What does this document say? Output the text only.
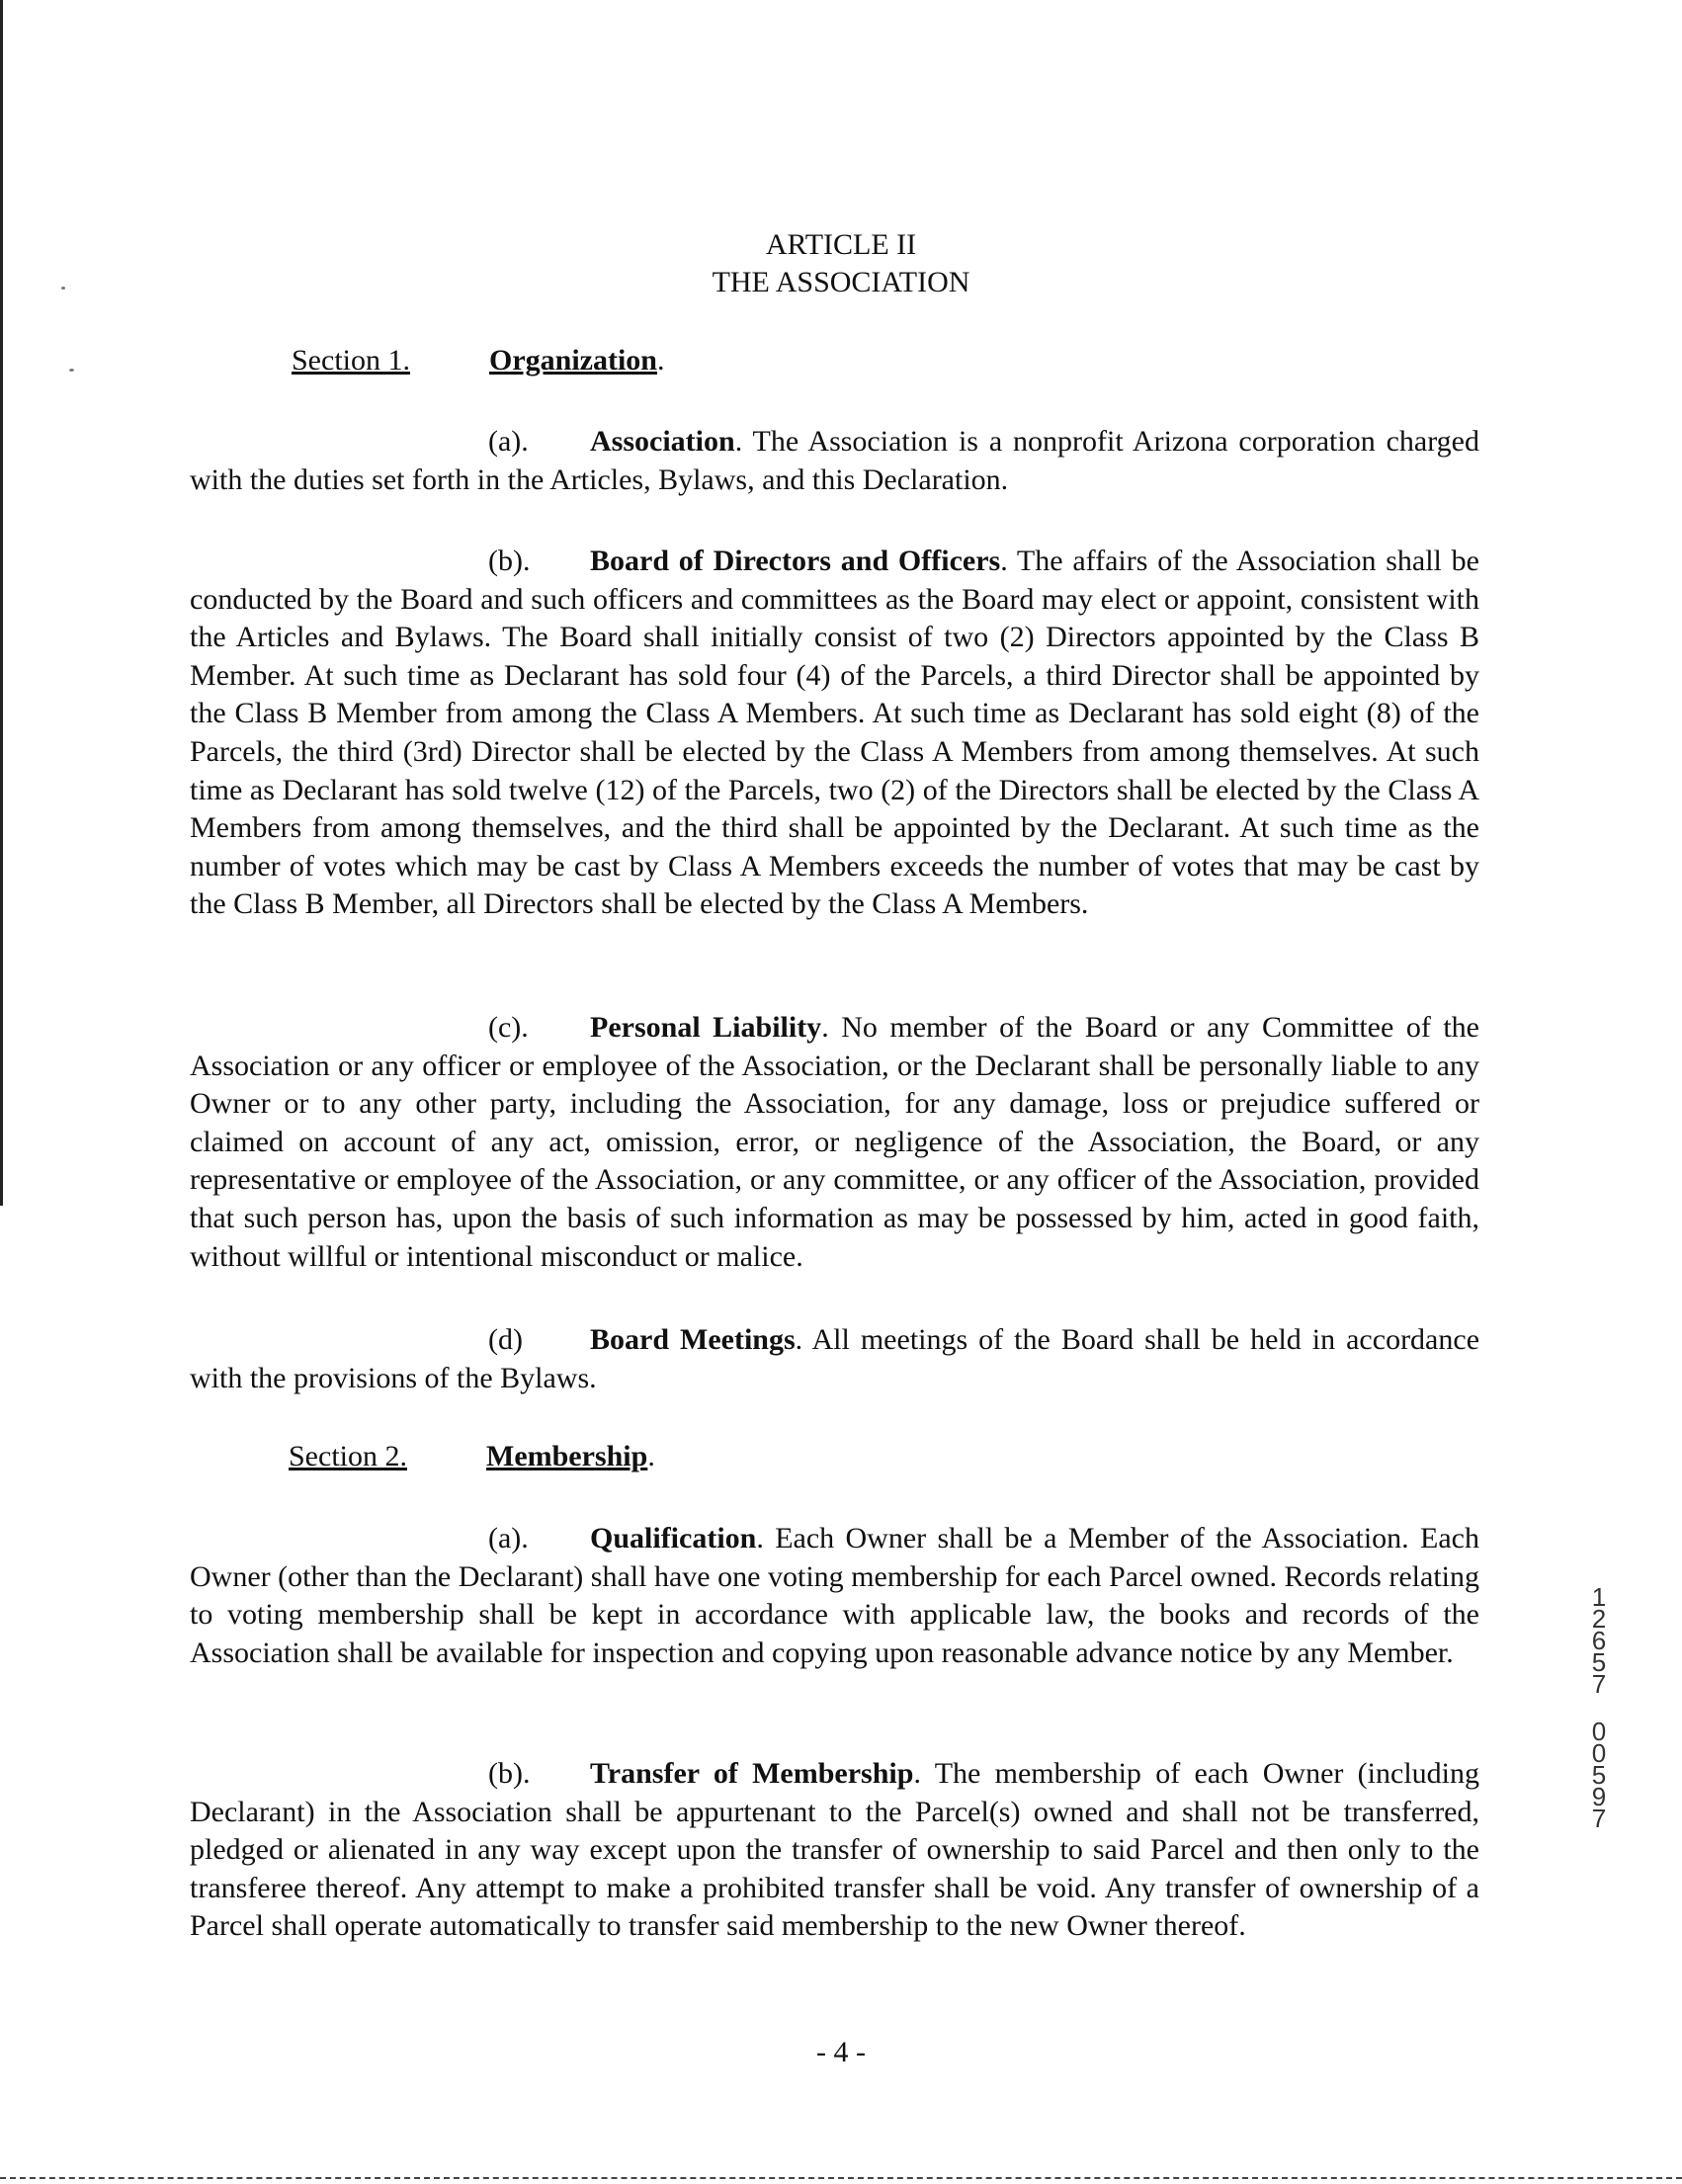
ARTICLE II
THE ASSOCIATION
Section 1.	Organization.

(a). Association. The Association is a nonprofit Arizona corporation charged with the duties set forth in the Articles, Bylaws, and this Declaration.

(b). Board of Directors and Officers. The affairs of the Association shall be conducted by the Board and such officers and committees as the Board may elect or appoint, consistent with the Articles and Bylaws. The Board shall initially consist of two (2) Directors appointed by the Class B Member. At such time as Declarant has sold four (4) of the Parcels, a third Director shall be appointed by the Class B Member from among the Class A Members. At such time as Declarant has sold eight (8) of the Parcels, the third (3rd) Director shall be elected by the Class A Members from among themselves. At such time as Declarant has sold twelve (12) of the Parcels, two (2) of the Directors shall be elected by the Class A Members from among themselves, and the third shall be appointed by the Declarant. At such time as the number of votes which may be cast by Class A Members exceeds the number of votes that may be cast by the Class B Member, all Directors shall be elected by the Class A Members.

(c). Personal Liability. No member of the Board or any Committee of the Association or any officer or employee of the Association, or the Declarant shall be personally liable to any Owner or to any other party, including the Association, for any damage, loss or prejudice suffered or claimed on account of any act, omission, error, or negligence of the Association, the Board, or any representative or employee of the Association, or any committee, or any officer of the Association, provided that such person has, upon the basis of such information as may be possessed by him, acted in good faith, without willful or intentional misconduct or malice.

(d) Board Meetings. All meetings of the Board shall be held in accordance with the provisions of the Bylaws.

Section 2.	Membership.

(a). Qualification. Each Owner shall be a Member of the Association. Each Owner (other than the Declarant) shall have one voting membership for each Parcel owned. Records relating to voting membership shall be kept in accordance with applicable law, the books and records of the Association shall be available for inspection and copying upon reasonable advance notice by any Member.

(b). Transfer of Membership. The membership of each Owner (including Declarant) in the Association shall be appurtenant to the Parcel(s) owned and shall not be transferred, pledged or alienated in any way except upon the transfer of ownership to said Parcel and then only to the transferee thereof. Any attempt to make a prohibited transfer shall be void. Any transfer of ownership of a Parcel shall operate automatically to transfer said membership to the new Owner thereof.

- 4 -
1
2
6
5
7
0
0
5
9
7
